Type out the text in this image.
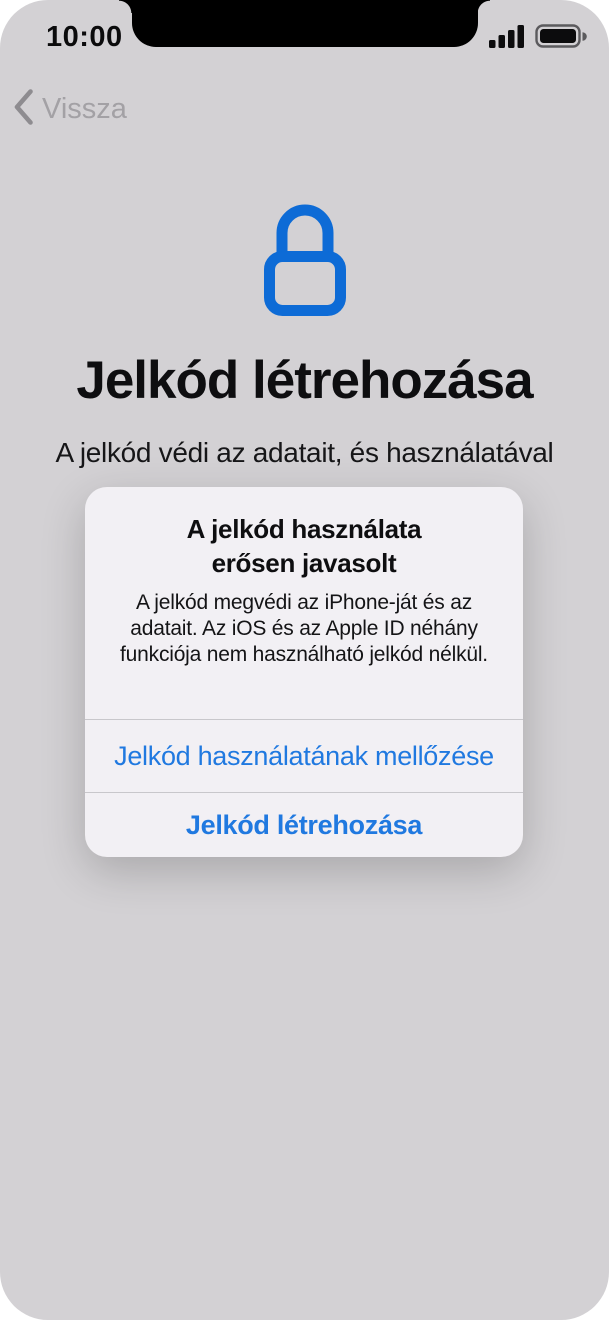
10:00
Vissza
Jelkód létrehozása
A jelkód védi az adatait, és használatával
A jelkód használata erősen javasolt
A jelkód megvédi az iPhone-ját és az adatait. Az iOS és az Apple ID néhány funkciója nem használható jelkód nélkül.
Jelkód használatának mellőzése
Jelkód létrehozása
